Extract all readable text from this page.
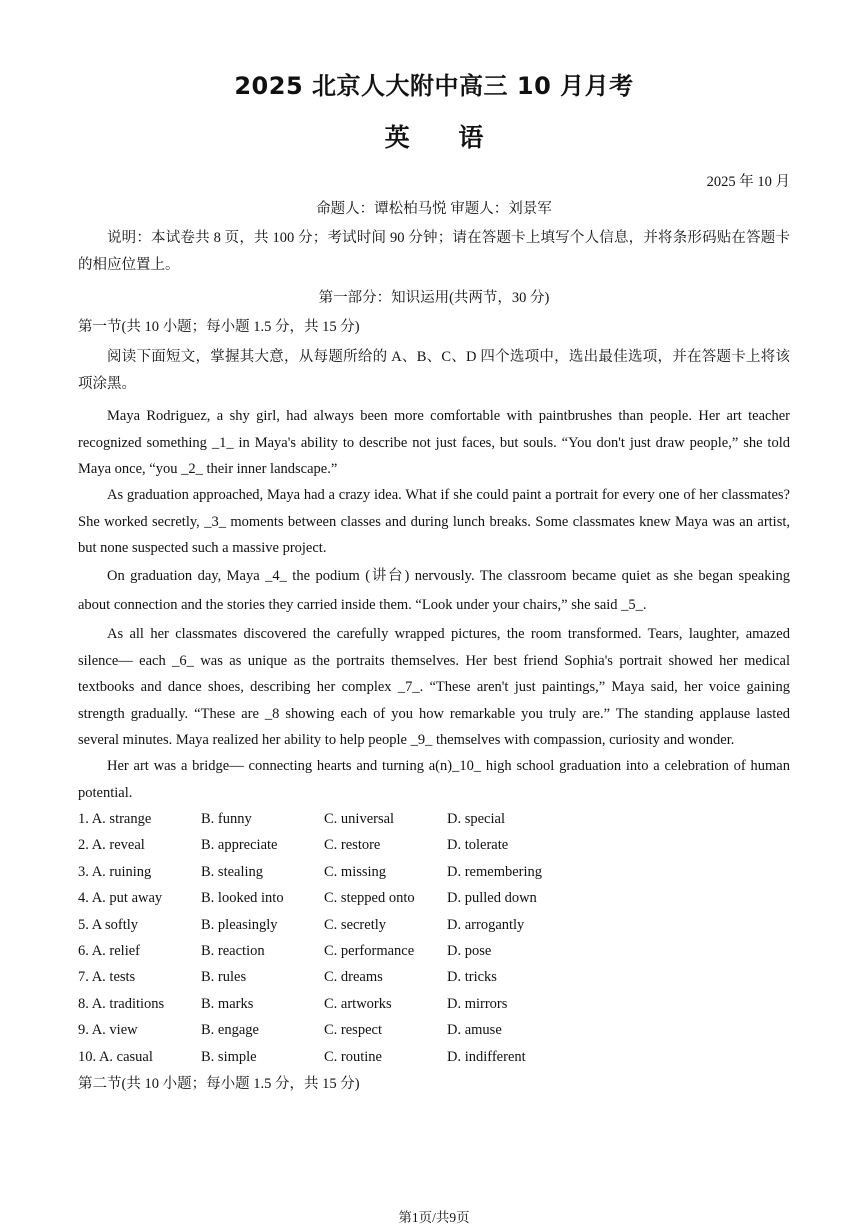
2025 北京人大附中高三 10 月月考
英 语
2025 年 10 月
命题人：谭松柏马悦 审题人：刘景军
说明：本试卷共 8 页，共 100 分；考试时间 90 分钟；请在答题卡上填写个人信息，并将条形码贴在答题卡的相应位置上。
第一部分：知识运用(共两节，30 分)
第一节(共 10 小题；每小题 1.5 分，共 15 分)
阅读下面短文，掌握其大意，从每题所给的 A、B、C、D 四个选项中，选出最佳选项，并在答题卡上将该项涂黑。
Maya Rodriguez, a shy girl, had always been more comfortable with paintbrushes than people. Her art teacher recognized something _1_ in Maya's ability to describe not just faces, but souls. “You don't just draw people,” she told Maya once, “you _2_ their inner landscape.”
As graduation approached, Maya had a crazy idea. What if she could paint a portrait for every one of her classmates? She worked secretly, _3_ moments between classes and during lunch breaks. Some classmates knew Maya was an artist, but none suspected such a massive project.
On graduation day, Maya _4_ the podium (讲台) nervously. The classroom became quiet as she began speaking about connection and the stories they carried inside them. “Look under your chairs,” she said _5_.
As all her classmates discovered the carefully wrapped pictures, the room transformed. Tears, laughter, amazed silence— each _6_ was as unique as the portraits themselves. Her best friend Sophia's portrait showed her medical textbooks and dance shoes, describing her complex _7_. “These aren't just paintings,” Maya said, her voice gaining strength gradually. “These are _8 showing each of you how remarkable you truly are.” The standing applause lasted several minutes. Maya realized her ability to help people _9_ themselves with compassion, curiosity and wonder.
Her art was a bridge— connecting hearts and turning a(n)_10_ high school graduation into a celebration of human potential.
1. A. strange	B. funny	C. universal	D. special
2. A. reveal	B. appreciate	C. restore	D. tolerate
3. A. ruining	B. stealing	C. missing	D. remembering
4. A. put away	B. looked into	C. stepped onto	D. pulled down
5. A softly	B. pleasingly	C. secretly	D. arrogantly
6. A. relief	B. reaction	C. performance	D. pose
7. A. tests	B. rules	C. dreams	D. tricks
8. A. traditions	B. marks	C. artworks	D. mirrors
9. A. view	B. engage	C. respect	D. amuse
10. A. casual	B. simple	C. routine	D. indifferent
第二节(共 10 小题；每小题 1.5 分，共 15 分)
第1页/共9页
